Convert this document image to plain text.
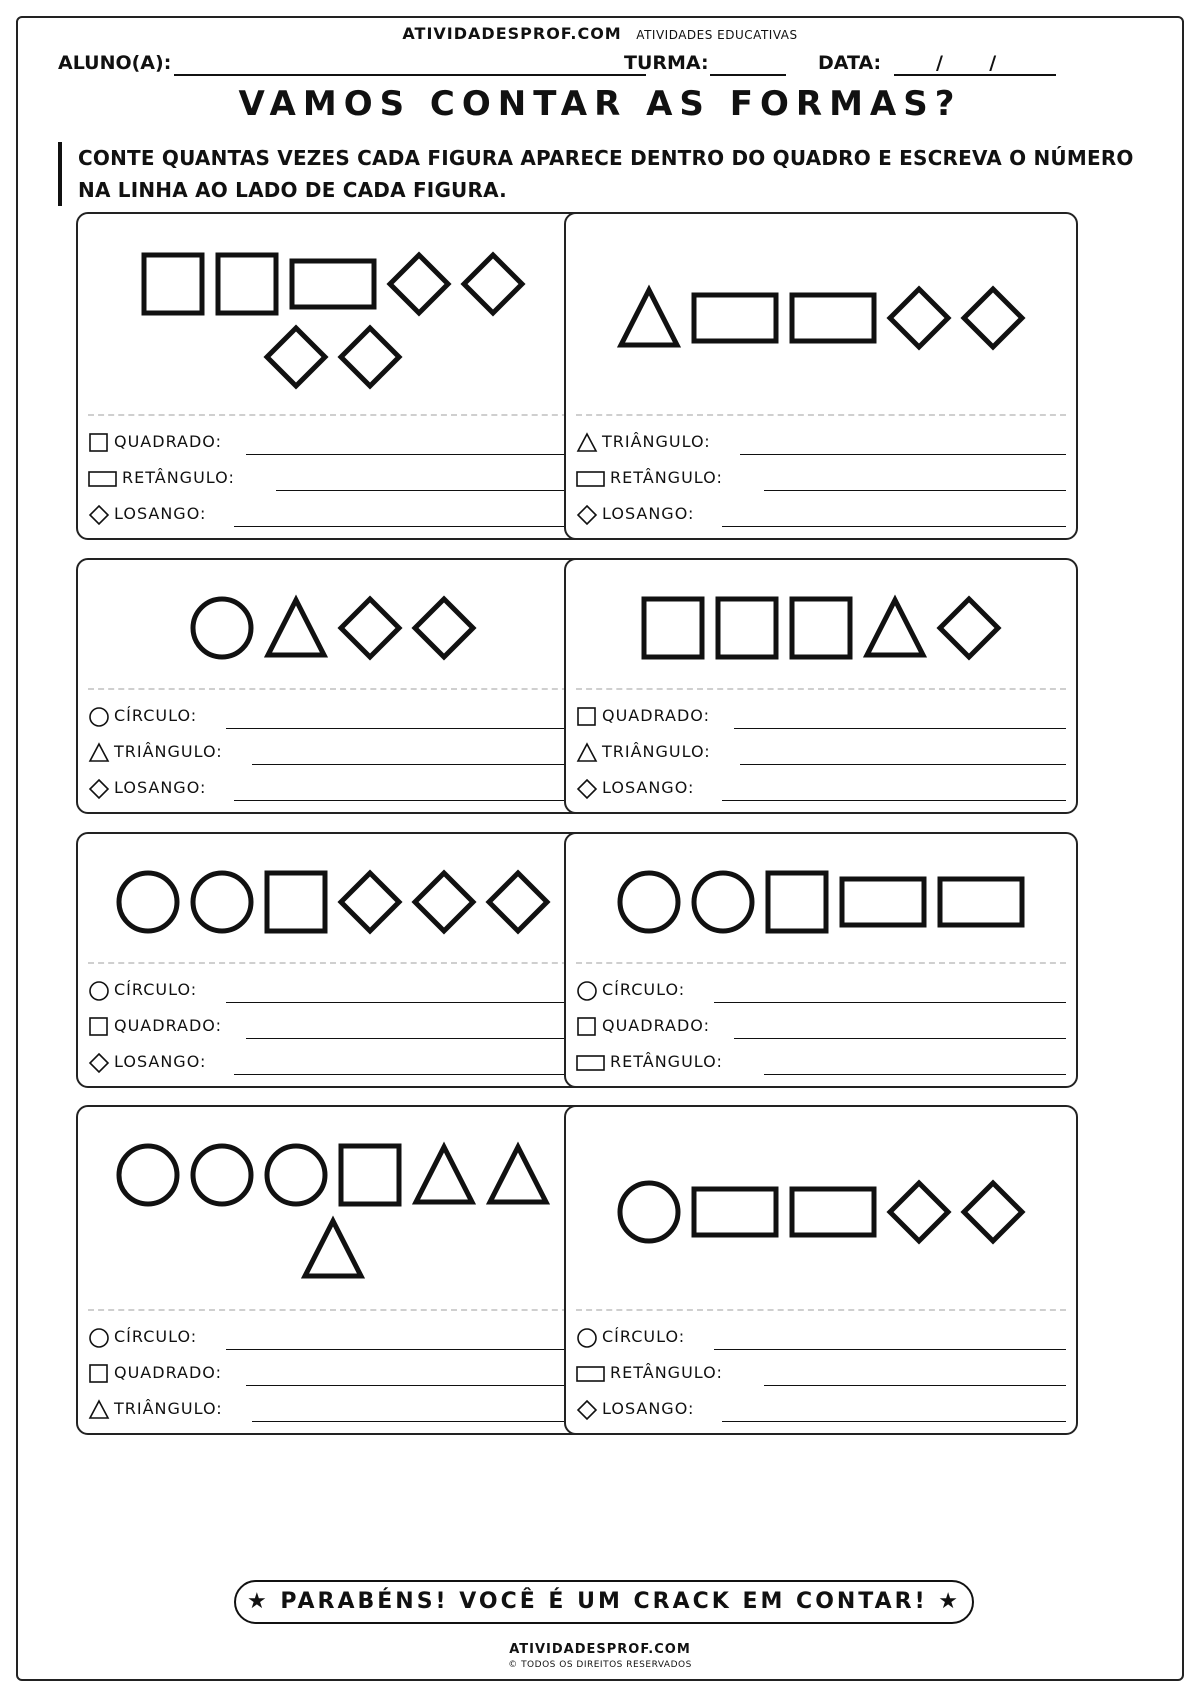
ATIVIDADESPROF.COM ATIVIDADES EDUCATIVAS
ALUNO(A):	TURMA:	DATA:	/       /
VAMOS CONTAR AS FORMAS?
CONTE QUANTAS VEZES CADA FIGURA APARECE DENTRO DO QUADRO E ESCREVA O NÚMERO NA LINHA AO LADO DE CADA FIGURA.
QUADRADO:
RETÂNGULO:
LOSANGO:
TRIÂNGULO:
RETÂNGULO:
LOSANGO:
CÍRCULO:
TRIÂNGULO:
LOSANGO:
QUADRADO:
TRIÂNGULO:
LOSANGO:
CÍRCULO:
QUADRADO:
LOSANGO:
CÍRCULO:
QUADRADO:
RETÂNGULO:
CÍRCULO:
QUADRADO:
TRIÂNGULO:
CÍRCULO:
RETÂNGULO:
LOSANGO:
★ PARABÉNS! VOCÊ É UM CRACK EM CONTAR! ★
ATIVIDADESPROF.COM
© TODOS OS DIREITOS RESERVADOS
